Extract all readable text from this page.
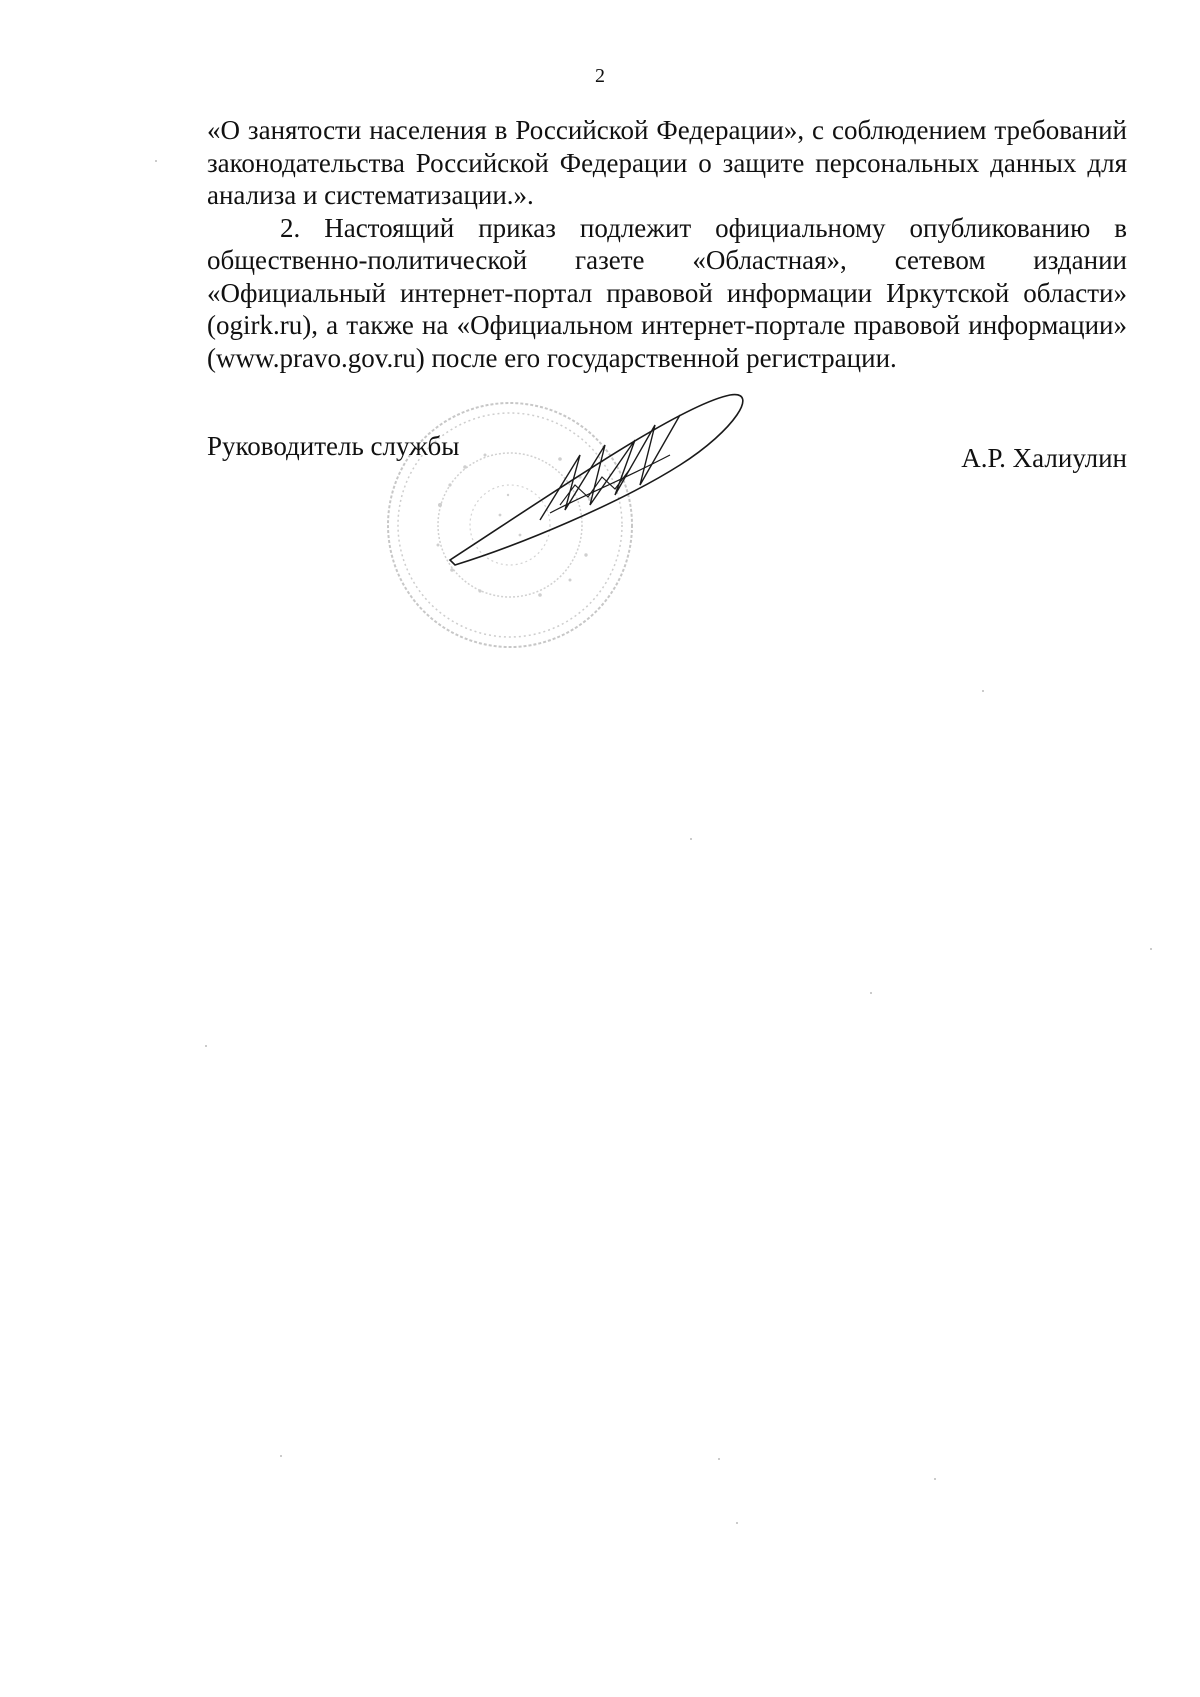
2

«О занятости населения в Российской Федерации», с соблюдением требований законодательства Российской Федерации о защите персональных данных для анализа и систематизации.».

2. Настоящий приказ подлежит официальному опубликованию в общественно-политической газете «Областная», сетевом издании «Официальный интернет-портал правовой информации Иркутской области» (ogirk.ru), а также на «Официальном интернет-портале правовой информации» (www.pravo.gov.ru) после его государственной регистрации.

Руководитель службы	А.Р. Халиулин
